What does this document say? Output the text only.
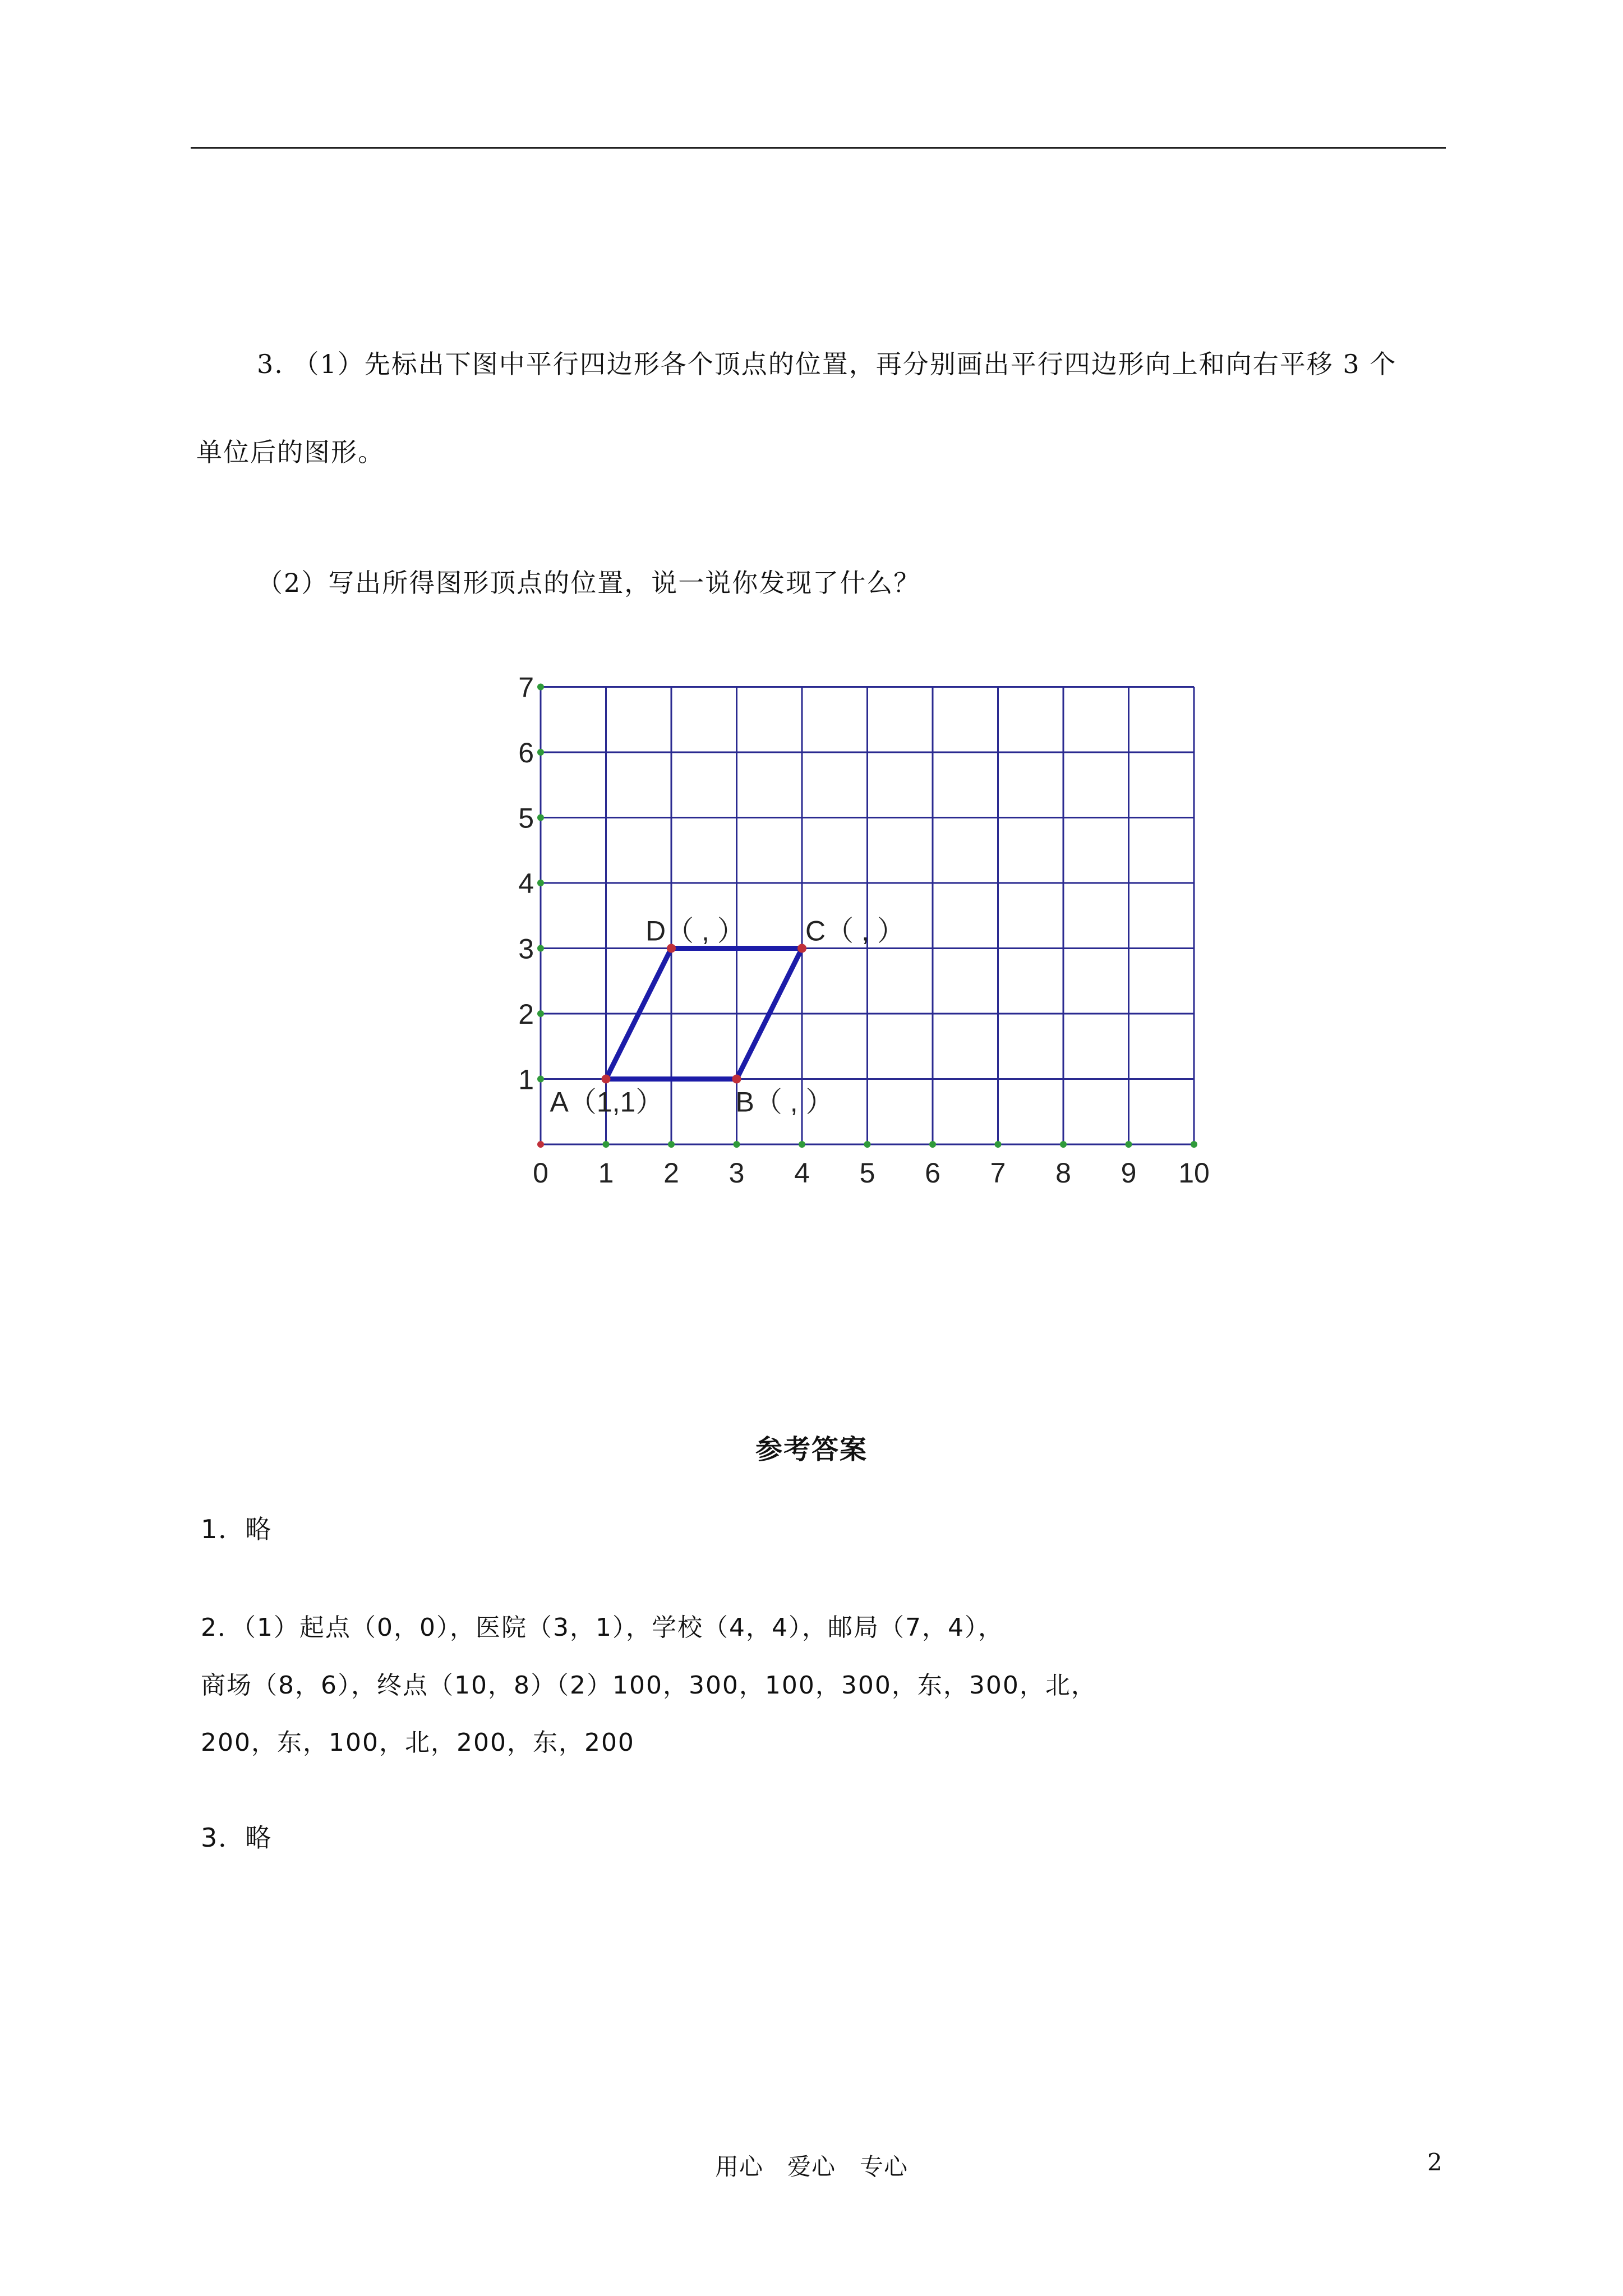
3. （1）先标出下图中平行四边形各个顶点的位置，再分别画出平行四边形向上和向右平移 3 个
单位后的图形。
（2）写出所得图形顶点的位置，说一说你发现了什么？
0 1 2 3 4 5 6 7 8 9 10
1
2
3
4
5
6
7
A（1,1）	B（ , ）
C（ , ）
D（ , ）
参考答案
1．略
2．（1）起点（0，0），医院（3，1），学校（4，4），邮局（7，4），
商场（8，6），终点（10，8）（2）100，300，100，300，东，300，北，
200，东，100，北，200，东，200
3．略
用心　爱心　专心	2
